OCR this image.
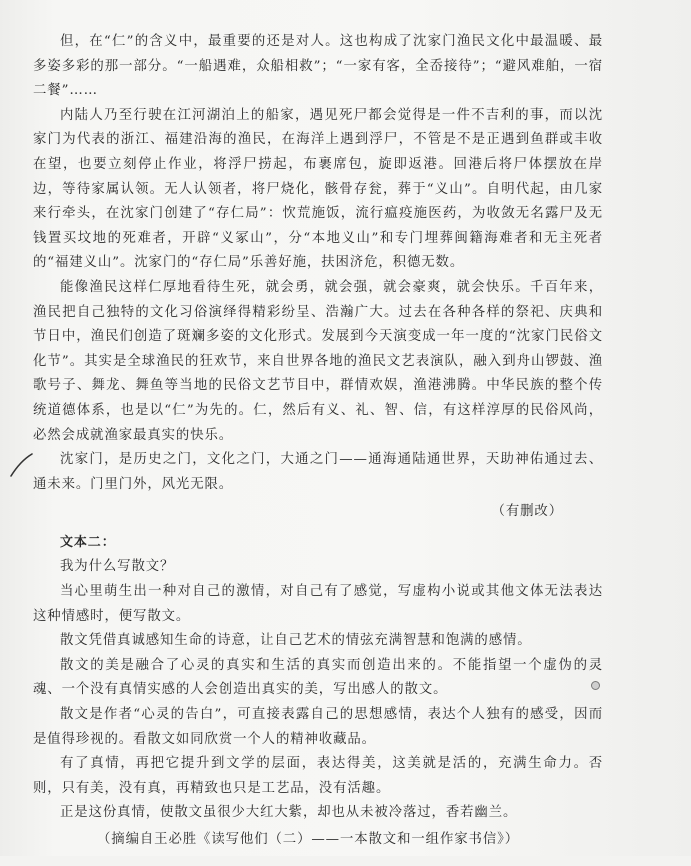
但，在“仁”的含义中，最重要的还是对人。这也构成了沈家门渔民文化中最温暖、最多姿多彩的那一部分。“一船遇难，众船相救”；“一家有客，全岙接待”；“避风难舶，一宿二餐”……

内陆人乃至行驶在江河湖泊上的船家，遇见死尸都会觉得是一件不吉利的事，而以沈家门为代表的浙江、福建沿海的渔民，在海洋上遇到浮尸，不管是不是正遇到鱼群或丰收在望，也要立刻停止作业，将浮尸捞起，布裹席包，旋即返港。回港后将尸体摆放在岸边，等待家属认领。无人认领者，将尸烧化，骸骨存瓮，葬于“义山”。自明代起，由几家来行牵头，在沈家门创建了“存仁局”：忺荒施饭，流行瘟疫施医药，为收敛无名露尸及无钱置买坟地的死难者，开辟“义冢山”，分“本地义山”和专门埋葬闽籍海难者和无主死者的“福建义山”。沈家门的“存仁局”乐善好施，扶困济危，积德无数。

能像渔民这样仁厚地看待生死，就会勇，就会强，就会豪爽，就会快乐。千百年来，渔民把自己独特的文化习俗演绎得精彩纷呈、浩瀚广大。过去在各种各样的祭祀、庆典和节日中，渔民们创造了斑斓多姿的文化形式。发展到今天演变成一年一度的“沈家门民俗文化节”。其实是全球渔民的狂欢节，来自世界各地的渔民文艺表演队，融入到舟山锣鼓、渔歌号子、舞龙、舞鱼等当地的民俗文艺节目中，群情欢娱，渔港沸腾。中华民族的整个传统道德体系，也是以“仁”为先的。仁，然后有义、礼、智、信，有这样淳厚的民俗风尚，必然会成就渔家最真实的快乐。

沈家门，是历史之门，文化之门，大通之门——通海通陆通世界，天助神佑通过去、通未来。门里门外，风光无限。

（有删改）

文本二：

我为什么写散文？

当心里萌生出一种对自己的激情，对自己有了感觉，写虚构小说或其他文体无法表达这种情感时，便写散文。

散文凭借真诚感知生命的诗意，让自己艺术的情弦充满智慧和饱满的感情。

散文的美是融合了心灵的真实和生活的真实而创造出来的。不能指望一个虚伪的灵魂、一个没有真情实感的人会创造出真实的美，写出感人的散文。

散文是作者“心灵的告白”，可直接表露自己的思想感情，表达个人独有的感受，因而是值得珍视的。看散文如同欣赏一个人的精神收藏品。

有了真情，再把它提升到文学的层面，表达得美，这美就是活的，充满生命力。否则，只有美，没有真，再精致也只是工艺品，没有活趣。

正是这份真情，使散文虽很少大红大紫，却也从未被冷落过，香若幽兰。

（摘编自王必胜《读写他们（二）——一本散文和一组作家书信》）
